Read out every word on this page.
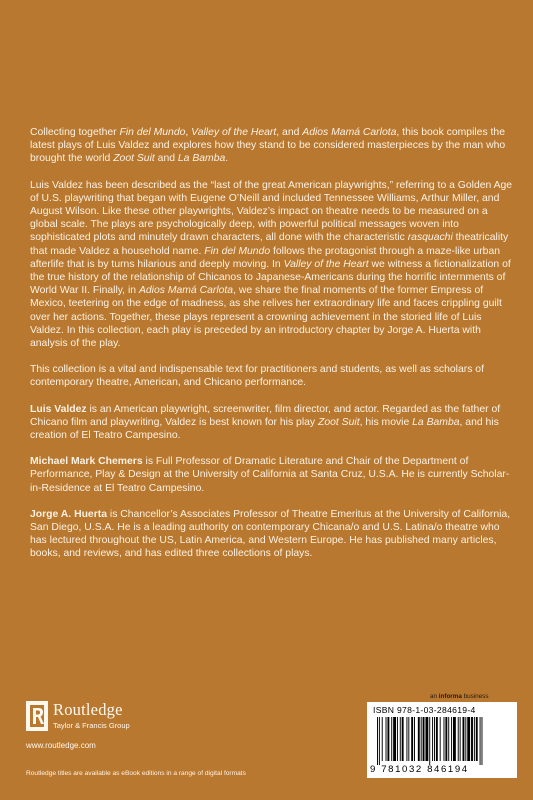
Collecting together Fin del Mundo, Valley of the Heart, and Adios Mamá Carlota, this book compiles the latest plays of Luis Valdez and explores how they stand to be considered masterpieces by the man who brought the world Zoot Suit and La Bamba.

Luis Valdez has been described as the “last of the great American playwrights,” referring to a Golden Age of U.S. playwriting that began with Eugene O’Neill and included Tennessee Williams, Arthur Miller, and August Wilson. Like these other playwrights, Valdez’s impact on theatre needs to be measured on a global scale. The plays are psychologically deep, with powerful political messages woven into sophisticated plots and minutely drawn characters, all done with the characteristic rasquachi theatricality that made Valdez a household name. Fin del Mundo follows the protagonist through a maze-like urban afterlife that is by turns hilarious and deeply moving. In Valley of the Heart we witness a fictionalization of the true history of the relationship of Chicanos to Japanese-Americans during the horrific internments of World War II. Finally, in Adios Mamá Carlota, we share the final moments of the former Empress of Mexico, teetering on the edge of madness, as she relives her extraordinary life and faces crippling guilt over her actions. Together, these plays represent a crowning achievement in the storied life of Luis Valdez. In this collection, each play is preceded by an introductory chapter by Jorge A. Huerta with analysis of the play.

This collection is a vital and indispensable text for practitioners and students, as well as scholars of contemporary theatre, American, and Chicano performance.

Luis Valdez is an American playwright, screenwriter, film director, and actor. Regarded as the father of Chicano film and playwriting, Valdez is best known for his play Zoot Suit, his movie La Bamba, and his creation of El Teatro Campesino.

Michael Mark Chemers is Full Professor of Dramatic Literature and Chair of the Department of Performance, Play & Design at the University of California at Santa Cruz, U.S.A. He is currently Scholar-in-Residence at El Teatro Campesino.

Jorge A. Huerta is Chancellor’s Associates Professor of Theatre Emeritus at the University of California, San Diego, U.S.A. He is a leading authority on contemporary Chicana/o and U.S. Latina/o theatre who has lectured throughout the US, Latin America, and Western Europe. He has published many articles, books, and reviews, and has edited three collections of plays.

an informa business
Routledge
Taylor & Francis Group
www.routledge.com
ISBN 978-1-03-284619-4
9 781032 846194
Routledge titles are available as eBook editions in a range of digital formats
